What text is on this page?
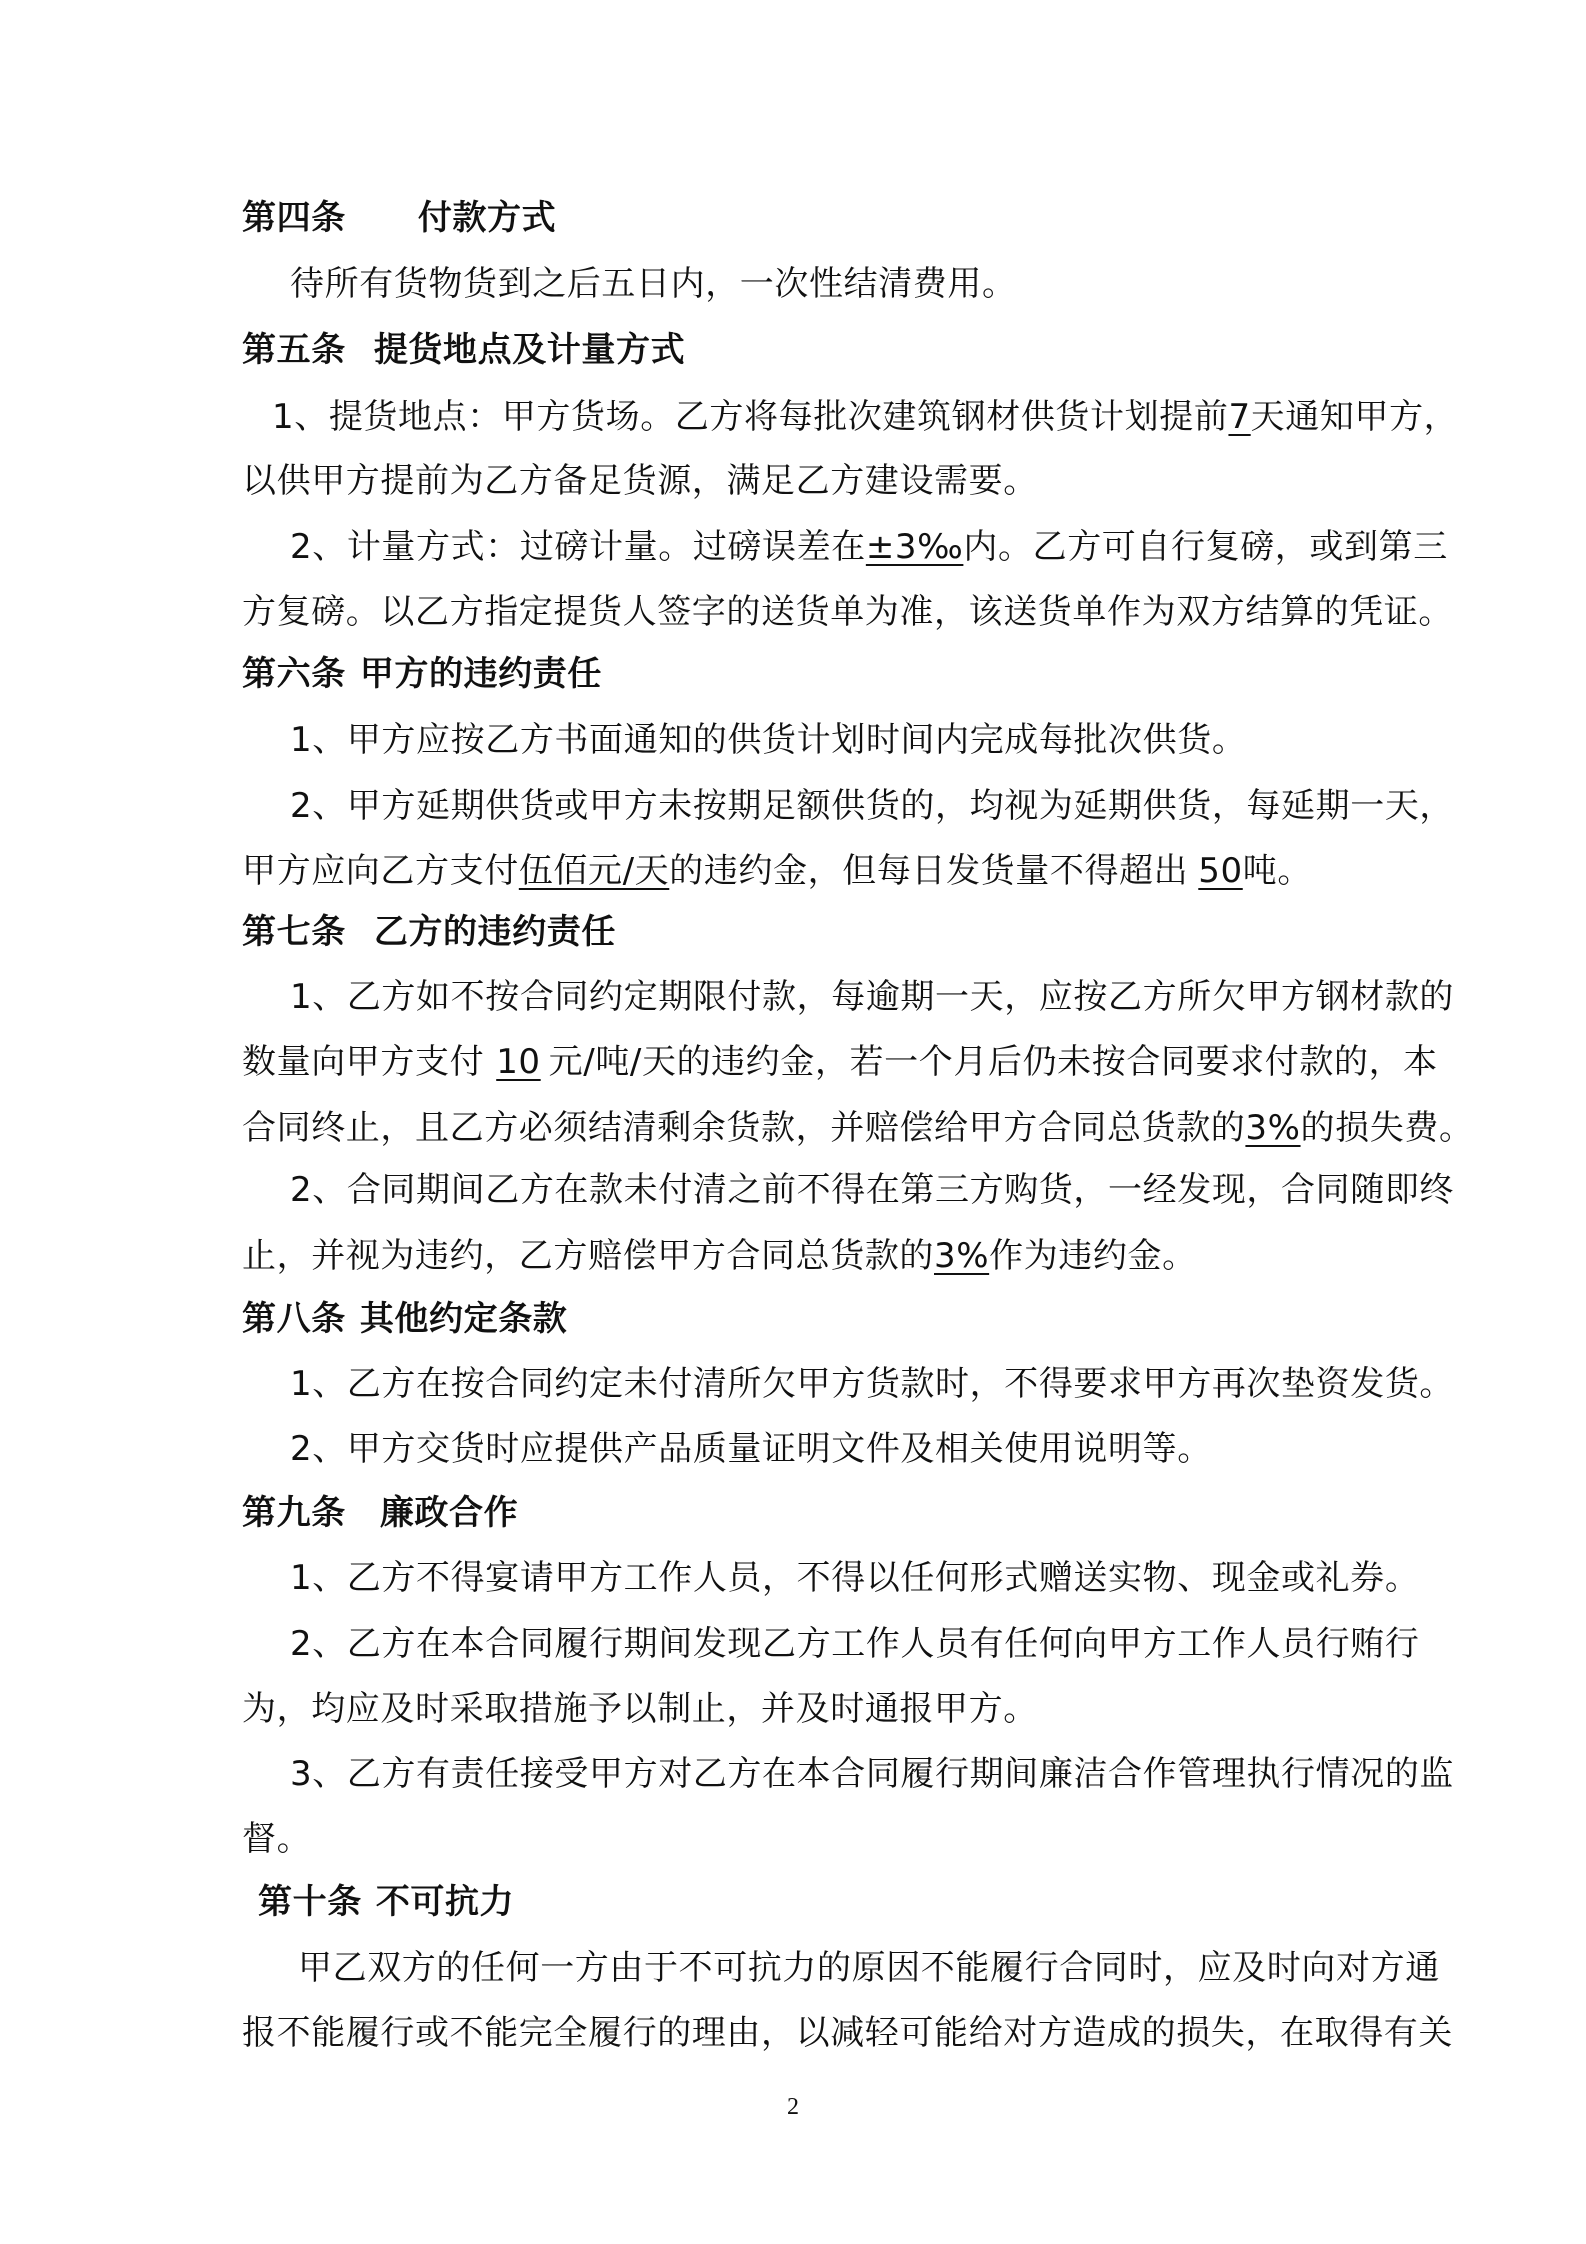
第四条 付款方式
待所有货物货到之后五日内，一次性结清费用。
第五条 提货地点及计量方式
1、提货地点：甲方货场。乙方将每批次建筑钢材供货计划提前7天通知甲方，
以供甲方提前为乙方备足货源，满足乙方建设需要。
2、计量方式：过磅计量。过磅误差在±3‰内。乙方可自行复磅，或到第三
方复磅。以乙方指定提货人签字的送货单为准，该送货单作为双方结算的凭证。
第六条 甲方的违约责任
1、甲方应按乙方书面通知的供货计划时间内完成每批次供货。
2、甲方延期供货或甲方未按期足额供货的，均视为延期供货，每延期一天，
甲方应向乙方支付伍佰元/天的违约金，但每日发货量不得超出 50吨。
第七条 乙方的违约责任
1、乙方如不按合同约定期限付款，每逾期一天，应按乙方所欠甲方钢材款的
数量向甲方支付 10 元/吨/天的违约金，若一个月后仍未按合同要求付款的，本
合同终止，且乙方必须结清剩余货款，并赔偿给甲方合同总货款的3%的损失费。
2、合同期间乙方在款未付清之前不得在第三方购货，一经发现，合同随即终
止，并视为违约，乙方赔偿甲方合同总货款的3%作为违约金。
第八条 其他约定条款
1、乙方在按合同约定未付清所欠甲方货款时，不得要求甲方再次垫资发货。
2、甲方交货时应提供产品质量证明文件及相关使用说明等。
第九条 廉政合作
1、乙方不得宴请甲方工作人员，不得以任何形式赠送实物、现金或礼券。
2、乙方在本合同履行期间发现乙方工作人员有任何向甲方工作人员行贿行
为，均应及时采取措施予以制止，并及时通报甲方。
3、乙方有责任接受甲方对乙方在本合同履行期间廉洁合作管理执行情况的监
督。
第十条 不可抗力
甲乙双方的任何一方由于不可抗力的原因不能履行合同时，应及时向对方通
报不能履行或不能完全履行的理由，以减轻可能给对方造成的损失，在取得有关
2
